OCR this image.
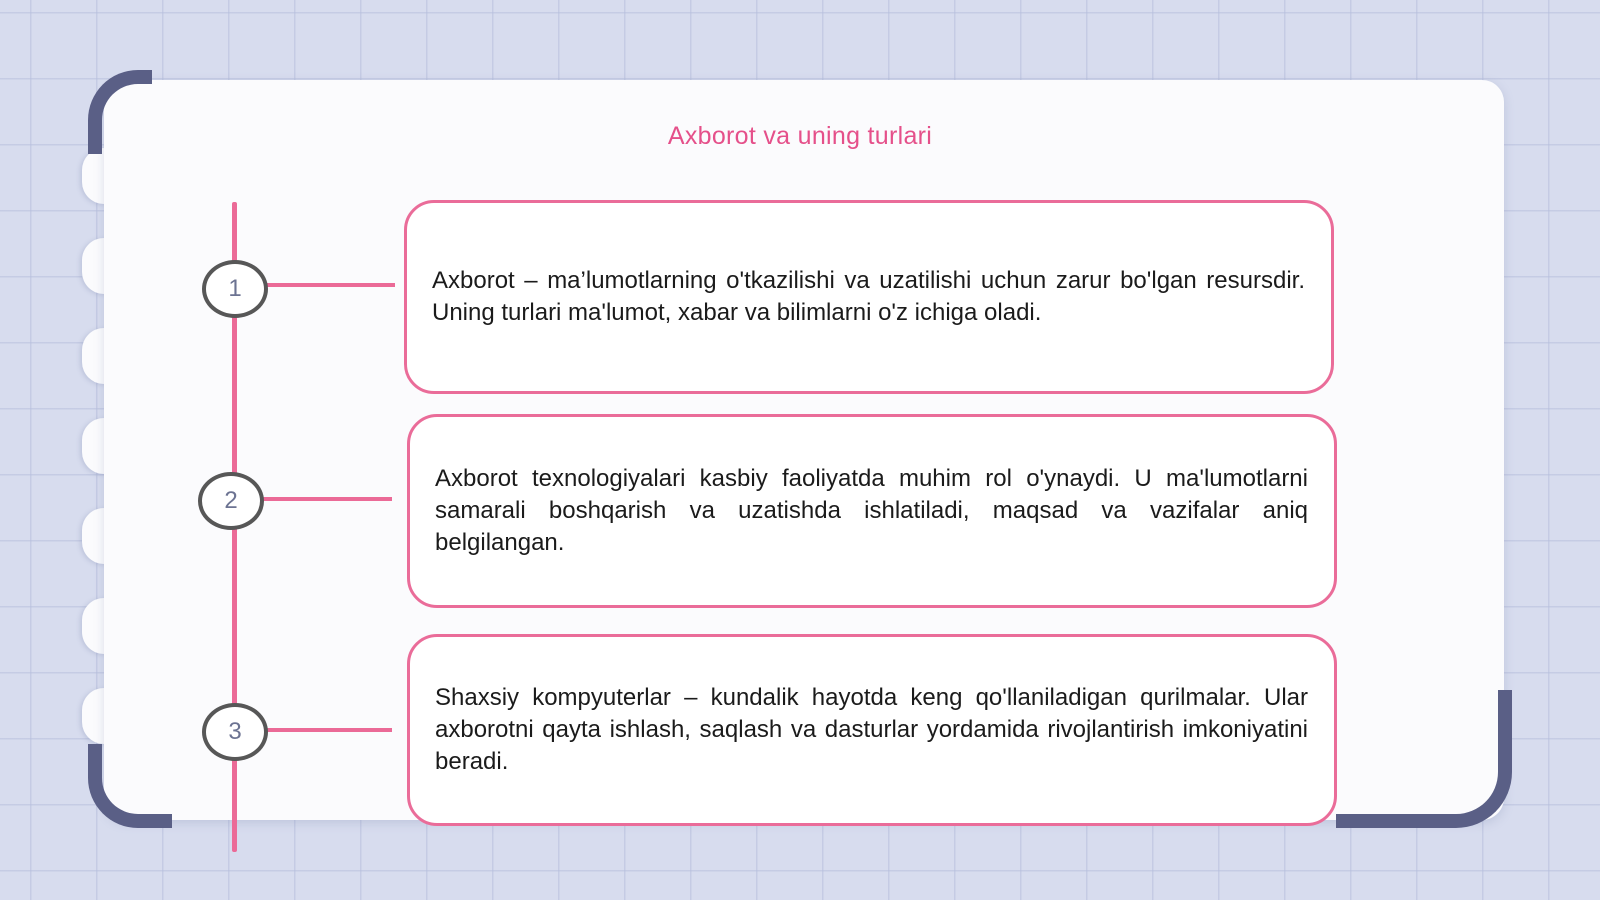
Axborot va uning turlari
1
2
3

Axborot – ma’lumotlarning o'tkazilishi va uzatilishi uchun zarur bo'lgan resursdir. Uning turlari ma'lumot, xabar va bilimlarni o'z ichiga oladi.

Axborot texnologiyalari kasbiy faoliyatda muhim rol o'ynaydi. U ma'lumotlarni samarali boshqarish va uzatishda ishlatiladi, maqsad va vazifalar aniq belgilangan.

Shaxsiy kompyuterlar – kundalik hayotda keng qo'llaniladigan qurilmalar. Ular axborotni qayta ishlash, saqlash va dasturlar yordamida rivojlantirish imkoniyatini beradi.
